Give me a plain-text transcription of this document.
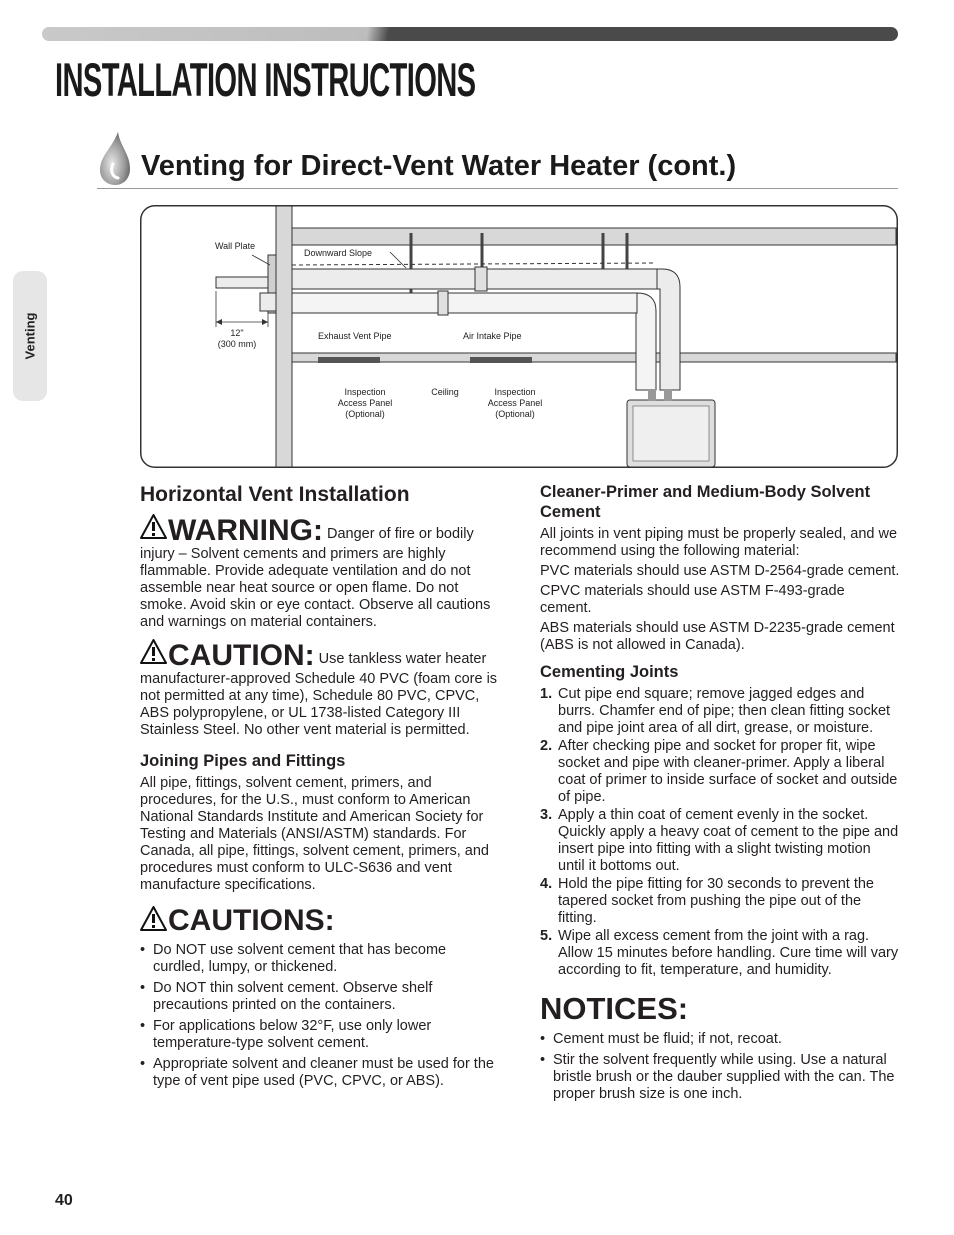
INSTALLATION INSTRUCTIONS
Venting for Direct-Vent Water Heater (cont.)
Venting
Wall Plate
Downward Slope
12"
(300 mm)
Exhaust Vent Pipe	Air Intake Pipe
Ceiling
Inspection
Access Panel
(Optional)
Inspection
Access Panel
(Optional)
Horizontal Vent Installation

WARNING: Danger of fire or bodily injury – Solvent cements and primers are highly flammable. Provide adequate ventilation and do not assemble near heat source or open flame. Do not smoke. Avoid skin or eye contact. Observe all cautions and warnings on material containers.

CAUTION: Use tankless water heater manufacturer-approved Schedule 40 PVC (foam core is not permitted at any time), Schedule 80 PVC, CPVC, ABS polypropylene, or UL 1738-listed Category III Stainless Steel. No other vent material is permitted.

Joining Pipes and Fittings

All pipe, fittings, solvent cement, primers, and procedures, for the U.S., must conform to American National Standards Institute and American Society for Testing and Materials (ANSI/ASTM) standards. For Canada, all pipe, fittings, solvent cement, primers, and procedures must conform to ULC-S636 and vent manufacture specifications.

CAUTIONS:
• Do NOT use solvent cement that has become curdled, lumpy, or thickened.
• Do NOT thin solvent cement. Observe shelf precautions printed on the containers.
• For applications below 32°F, use only lower temperature-type solvent cement.
• Appropriate solvent and cleaner must be used for the type of vent pipe used (PVC, CPVC, or ABS).
Cleaner-Primer and Medium-Body Solvent Cement

All joints in vent piping must be properly sealed, and we recommend using the following material:

PVC materials should use ASTM D-2564-grade cement.

CPVC materials should use ASTM F-493-grade cement.

ABS materials should use ASTM D-2235-grade cement (ABS is not allowed in Canada).

Cementing Joints
1. Cut pipe end square; remove jagged edges and burrs. Chamfer end of pipe; then clean fitting socket and pipe joint area of all dirt, grease, or moisture.
2. After checking pipe and socket for proper fit, wipe socket and pipe with cleaner-primer. Apply a liberal coat of primer to inside surface of socket and outside of pipe.
3. Apply a thin coat of cement evenly in the socket. Quickly apply a heavy coat of cement to the pipe and insert pipe into fitting with a slight twisting motion until it bottoms out.
4. Hold the pipe fitting for 30 seconds to prevent the tapered socket from pushing the pipe out of the fitting.
5. Wipe all excess cement from the joint with a rag. Allow 15 minutes before handling. Cure time will vary according to fit, temperature, and humidity.
NOTICES:
• Cement must be fluid; if not, recoat.
• Stir the solvent frequently while using. Use a natural bristle brush or the dauber supplied with the can. The proper brush size is one inch.
40
